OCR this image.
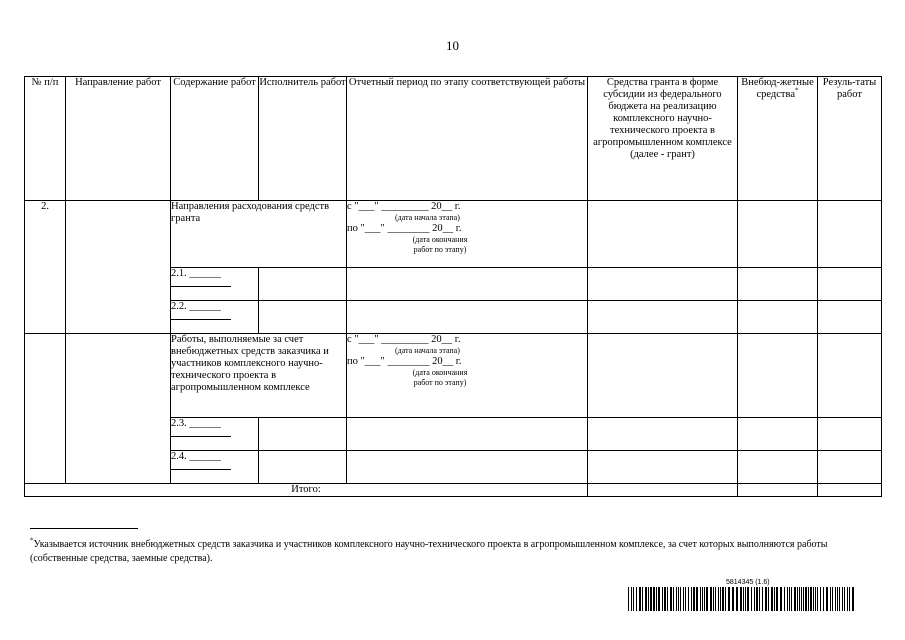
10
№ п/п	Направление работ	Содержание работ	Исполнитель работ	Отчетный период по этапу соответствующей работы	Средства гранта в форме субсидии из федерального бюджета на реализацию комплексного научно-технического проекта в агропромышленном комплексе (далее - грант)	Внебюд-жетные средства*	Резуль-таты работ
2.		Направления расходования средств гранта		с "___" _________ 20__ г.
(дата начала этапа)
по "___" ________ 20__ г.
(дата окончания работ по этапу)			

		2.1. ______

		2.2. ______

		Работы, выполняемые за счет внебюджетных средств заказчика и участников комплексного научно-технического проекта в агропромышленном комплексе		с "___" _________ 20__ г.
(дата начала этапа)
по "___" ________ 20__ г.
(дата окончания работ по этапу)			

		2.3. ______

		2.4. ______

Итого:							
*Указывается источник внебюджетных средств заказчика и участников комплексного научно-технического проекта в агропромышленном комплексе, за счет которых выполняются работы (собственные средства, заемные средства).
5814345 (1.6)
